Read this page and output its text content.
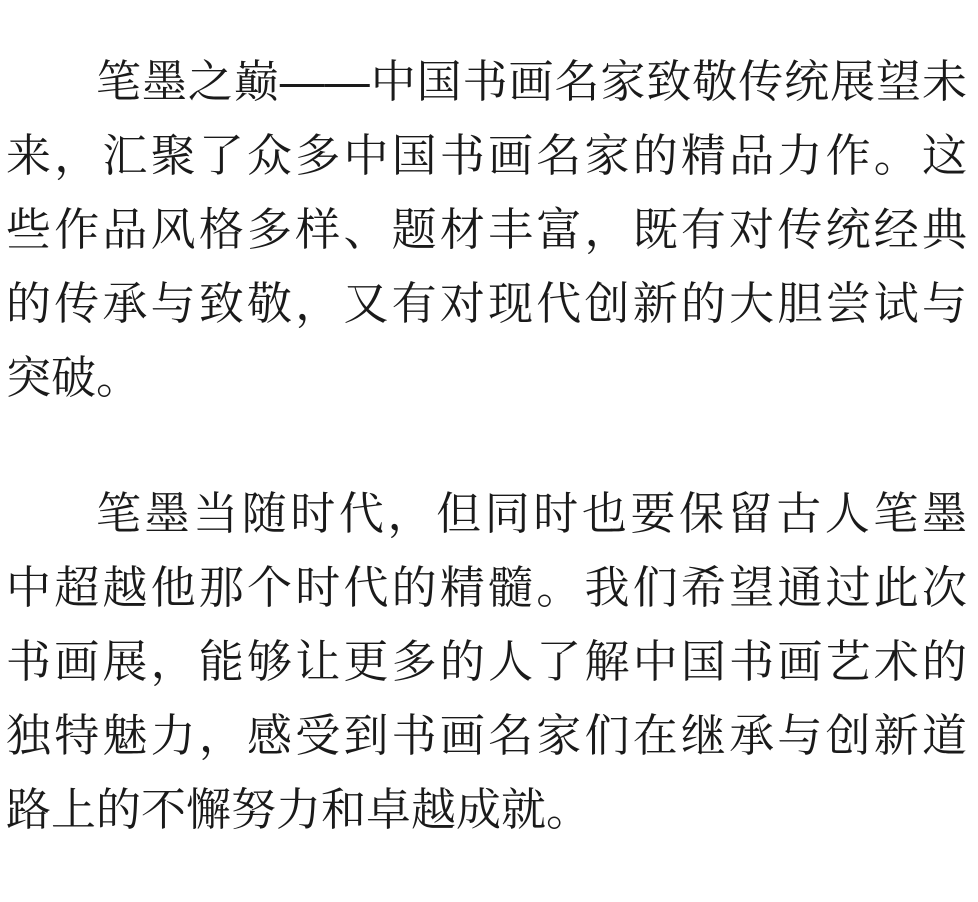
笔墨之巅——中国书画名家致敬传统展望未
来，汇聚了众多中国书画名家的精品力作。这
些作品风格多样、题材丰富，既有对传统经典
的传承与致敬，又有对现代创新的大胆尝试与
突破。
笔墨当随时代，但同时也要保留古人笔墨
中超越他那个时代的精髓。我们希望通过此次
书画展，能够让更多的人了解中国书画艺术的
独特魅力，感受到书画名家们在继承与创新道
路上的不懈努力和卓越成就。
